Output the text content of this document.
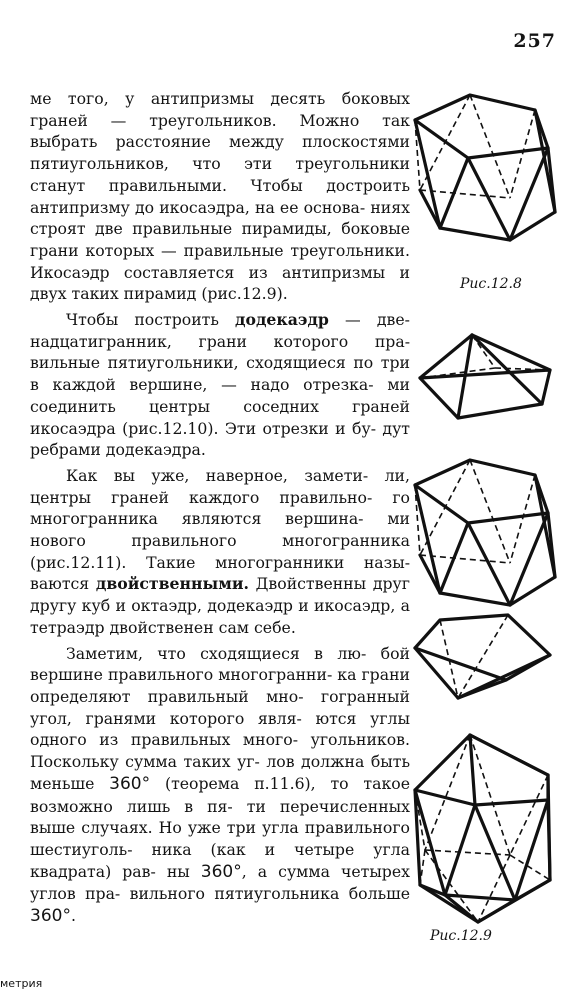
257

ме того, у антипризмы десять боковых граней — треугольников. Можно так выбрать расстояние между плоскостями пятиугольников, что эти треугольники станут правильными. Чтобы достроить антипризму до икосаэдра, на ее основа- ниях строят две правильные пирамиды, боковые грани которых — правильные треугольники. Икосаэдр составляется из антипризмы и двух таких пирамид (рис.12.9).

Чтобы построить додекаэдр — две- надцатигранник, грани которого пра- вильные пятиугольники, сходящиеся по три в каждой вершине, — надо отрезка- ми соединить центры соседних граней икосаэдра (рис.12.10). Эти отрезки и бу- дут ребрами додекаэдра.

Как вы уже, наверное, замети- ли, центры граней каждого правильно- го многогранника являются вершина- ми нового правильного многогранника (рис.12.11). Такие многогранники назы- ваются двойственными. Двойственны друг другу куб и октаэдр, додекаэдр и икосаэдр, а тетраэдр двойственен сам себе.

Заметим, что сходящиеся в лю- бой вершине правильного многогранни- ка грани определяют правильный мно- гогранный угол, гранями которого явля- ются углы одного из правильных много- угольников. Поскольку сумма таких уг- лов должна быть меньше 360° (теорема п.11.6), то такое возможно лишь в пя- ти перечисленных выше случаях. Но уже три угла правильного шестиуголь- ника (как и четыре угла квадрата) рав- ны 360°, а сумма четырех углов пра- вильного пятиугольника больше 360°.

Рис.12.8
Рис.12.9
метрия
